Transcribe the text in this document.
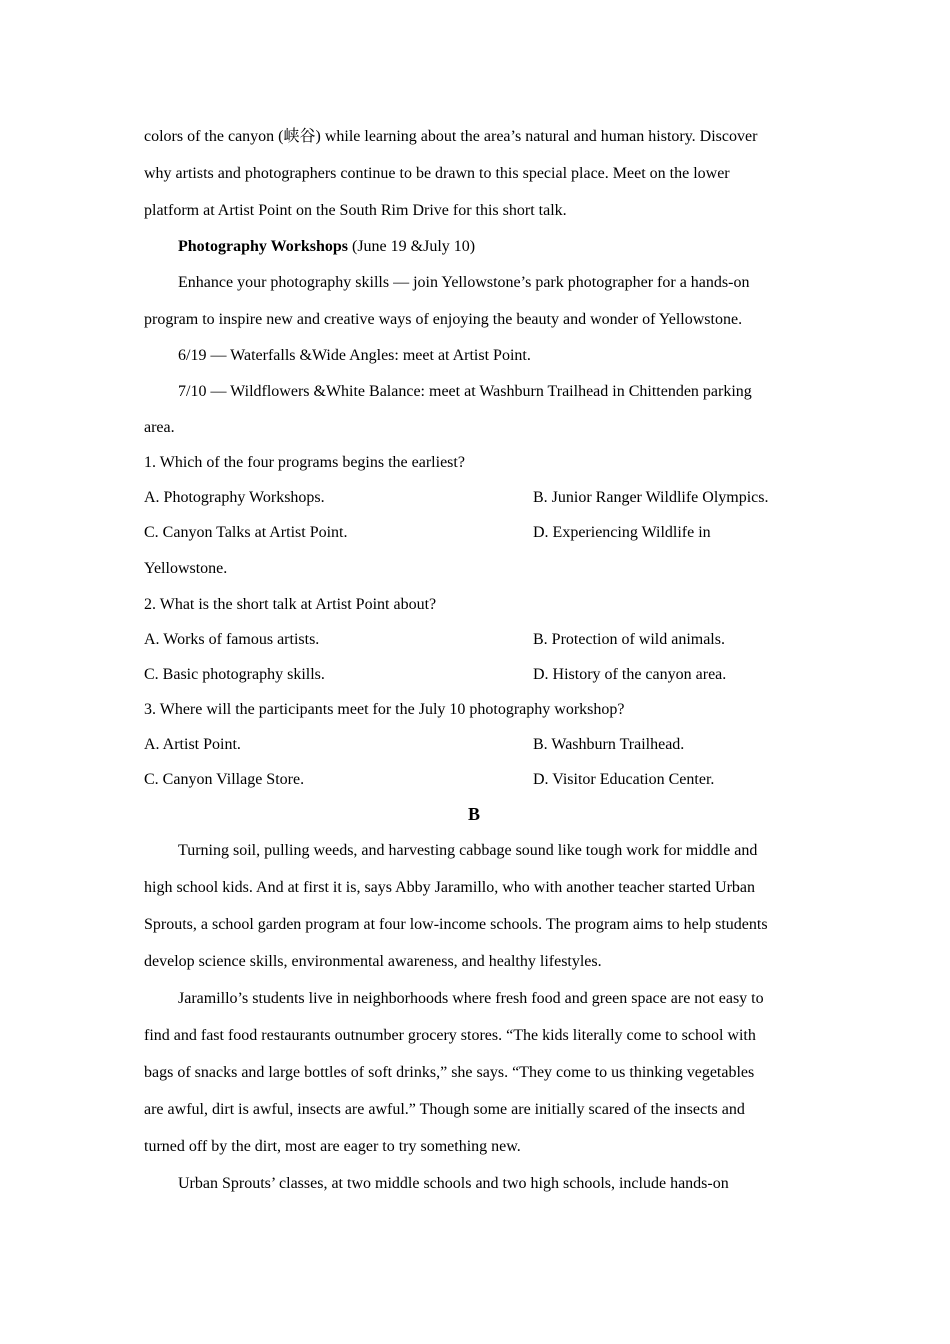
colors of the canyon (峡谷) while learning about the area’s natural and human history. Discover
why artists and photographers continue to be drawn to this special place. Meet on the lower
platform at Artist Point on the South Rim Drive for this short talk.
Photography Workshops (June 19 &July 10)
Enhance your photography skills — join Yellowstone’s park photographer for a hands-on
program to inspire new and creative ways of enjoying the beauty and wonder of Yellowstone.
6/19 — Waterfalls &Wide Angles: meet at Artist Point.
7/10 — Wildflowers &White Balance: meet at Washburn Trailhead in Chittenden parking
area.
1. Which of the four programs begins the earliest?
A. Photography Workshops.	B. Junior Ranger Wildlife Olympics.
C. Canyon Talks at Artist Point.	D. Experiencing Wildlife in
Yellowstone.
2. What is the short talk at Artist Point about?
A. Works of famous artists.	B. Protection of wild animals.
C. Basic photography skills.	D. History of the canyon area.
3. Where will the participants meet for the July 10 photography workshop?
A. Artist Point.	B. Washburn Trailhead.
C. Canyon Village Store.	D. Visitor Education Center.
B
Turning soil, pulling weeds, and harvesting cabbage sound like tough work for middle and
high school kids. And at first it is, says Abby Jaramillo, who with another teacher started Urban
Sprouts, a school garden program at four low-income schools. The program aims to help students
develop science skills, environmental awareness, and healthy lifestyles.
Jaramillo’s students live in neighborhoods where fresh food and green space are not easy to
find and fast food restaurants outnumber grocery stores. “The kids literally come to school with
bags of snacks and large bottles of soft drinks,” she says. “They come to us thinking vegetables
are awful, dirt is awful, insects are awful.” Though some are initially scared of the insects and
turned off by the dirt, most are eager to try something new.
Urban Sprouts’ classes, at two middle schools and two high schools, include hands-on
